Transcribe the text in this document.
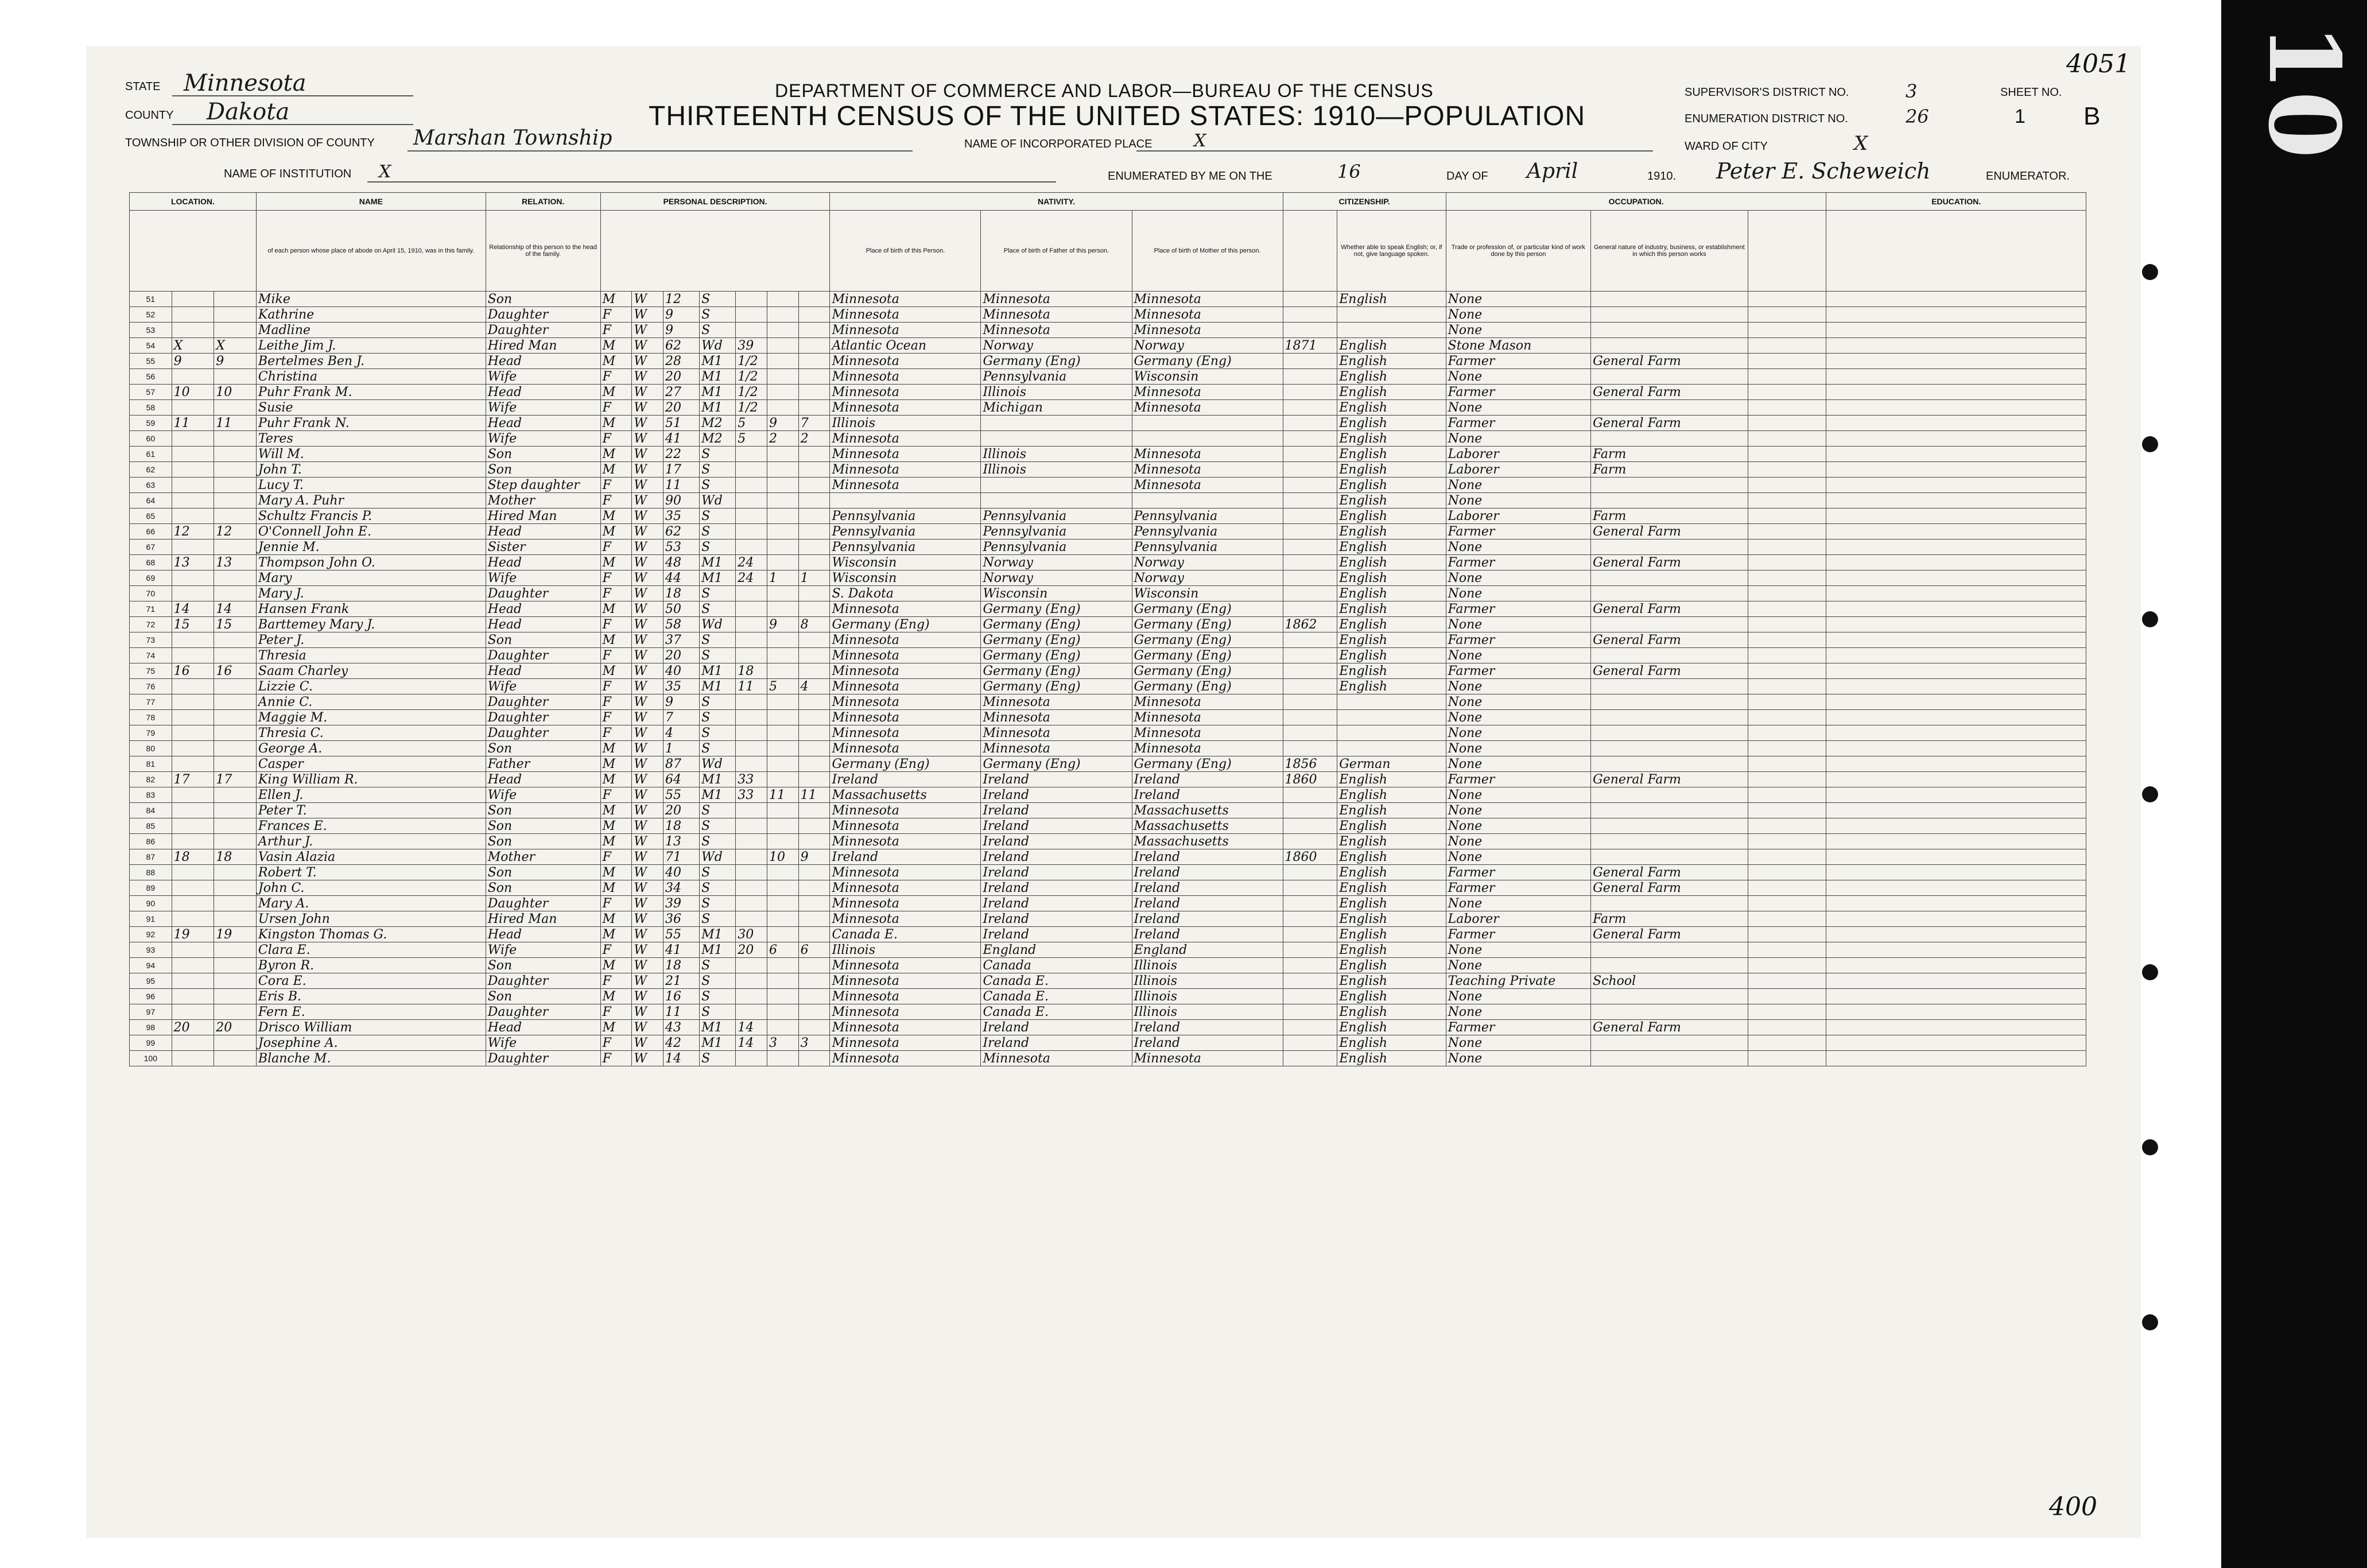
10
STATE Minnesota
COUNTY Dakota
TOWNSHIP OR OTHER DIVISION OF COUNTY Marshan Township
NAME OF INSTITUTION X
DEPARTMENT OF COMMERCE AND LABOR—BUREAU OF THE CENSUS
THIRTEENTH CENSUS OF THE UNITED STATES: 1910—POPULATION
NAME OF INCORPORATED PLACE X
ENUMERATED BY ME ON THE	16	DAY OF April	1910. Peter E. Scheweich	ENUMERATOR.
SUPERVISOR'S DISTRICT NO.	3	SHEET NO.
ENUMERATION DISTRICT NO.	26	1 B
WARD OF CITY	X
4051
400
LOCATION.			NAME	RELATION.	PERSONAL DESCRIPTION.							NATIVITY.			CITIZENSHIP.		OCCUPATION.			EDUCATION.
			of each person whose place of abode on April 15, 1910, was in this family.	Relationship of this person to the head of the family.								Place of birth of this Person.	Place of birth of Father of this person.	Place of birth of Mother of this person.		Whether able to speak English; or, if not, give language spoken.	Trade or profession of, or particular kind of work done by this person	General nature of industry, business, or establishment in which this person works		
51			Mike	Son	M	W	12	S				Minnesota	Minnesota	Minnesota		English	None			
52			Kathrine	Daughter	F	W	9	S				Minnesota	Minnesota	Minnesota			None			
53			Madline	Daughter	F	W	9	S				Minnesota	Minnesota	Minnesota			None			
54	X	X	Leithe Jim J.	Hired Man	M	W	62	Wd	39			Atlantic Ocean	Norway	Norway	1871	English	Stone Mason			
55	9	9	Bertelmes Ben J.	Head	M	W	28	M1	1/2			Minnesota	Germany (Eng)	Germany (Eng)		English	Farmer	General Farm		
56			Christina	Wife	F	W	20	M1	1/2			Minnesota	Pennsylvania	Wisconsin		English	None			
57	10	10	Puhr Frank M.	Head	M	W	27	M1	1/2			Minnesota	Illinois	Minnesota		English	Farmer	General Farm		
58			Susie	Wife	F	W	20	M1	1/2			Minnesota	Michigan	Minnesota		English	None			
59	11	11	Puhr Frank N.	Head	M	W	51	M2	5	9	7	Illinois				English	Farmer	General Farm		
60			Teres	Wife	F	W	41	M2	5	2	2	Minnesota				English	None			
61			Will M.	Son	M	W	22	S				Minnesota	Illinois	Minnesota		English	Laborer	Farm		
62			John T.	Son	M	W	17	S				Minnesota	Illinois	Minnesota		English	Laborer	Farm		
63			Lucy T.	Step daughter	F	W	11	S				Minnesota		Minnesota		English	None			
64			Mary A. Puhr	Mother	F	W	90	Wd								English	None			
65			Schultz Francis P.	Hired Man	M	W	35	S				Pennsylvania	Pennsylvania	Pennsylvania		English	Laborer	Farm		
66	12	12	O'Connell John E.	Head	M	W	62	S				Pennsylvania	Pennsylvania	Pennsylvania		English	Farmer	General Farm		
67			Jennie M.	Sister	F	W	53	S				Pennsylvania	Pennsylvania	Pennsylvania		English	None			
68	13	13	Thompson John O.	Head	M	W	48	M1	24			Wisconsin	Norway	Norway		English	Farmer	General Farm		
69			Mary	Wife	F	W	44	M1	24	1	1	Wisconsin	Norway	Norway		English	None			
70			Mary J.	Daughter	F	W	18	S				S. Dakota	Wisconsin	Wisconsin		English	None			
71	14	14	Hansen Frank	Head	M	W	50	S				Minnesota	Germany (Eng)	Germany (Eng)		English	Farmer	General Farm		
72	15	15	Barttemey Mary J.	Head	F	W	58	Wd		9	8	Germany (Eng)	Germany (Eng)	Germany (Eng)	1862	English	None			
73			Peter J.	Son	M	W	37	S				Minnesota	Germany (Eng)	Germany (Eng)		English	Farmer	General Farm		
74			Thresia	Daughter	F	W	20	S				Minnesota	Germany (Eng)	Germany (Eng)		English	None			
75	16	16	Saam Charley	Head	M	W	40	M1	18			Minnesota	Germany (Eng)	Germany (Eng)		English	Farmer	General Farm		
76			Lizzie C.	Wife	F	W	35	M1	11	5	4	Minnesota	Germany (Eng)	Germany (Eng)		English	None			
77			Annie C.	Daughter	F	W	9	S				Minnesota	Minnesota	Minnesota			None			
78			Maggie M.	Daughter	F	W	7	S				Minnesota	Minnesota	Minnesota			None			
79			Thresia C.	Daughter	F	W	4	S				Minnesota	Minnesota	Minnesota			None			
80			George A.	Son	M	W	1	S				Minnesota	Minnesota	Minnesota			None			
81			Casper	Father	M	W	87	Wd				Germany (Eng)	Germany (Eng)	Germany (Eng)	1856	German	None			
82	17	17	King William R.	Head	M	W	64	M1	33			Ireland	Ireland	Ireland	1860	English	Farmer	General Farm		
83			Ellen J.	Wife	F	W	55	M1	33	11	11	Massachusetts	Ireland	Ireland		English	None			
84			Peter T.	Son	M	W	20	S				Minnesota	Ireland	Massachusetts		English	None			
85			Frances E.	Son	M	W	18	S				Minnesota	Ireland	Massachusetts		English	None			
86			Arthur J.	Son	M	W	13	S				Minnesota	Ireland	Massachusetts		English	None			
87	18	18	Vasin Alazia	Mother	F	W	71	Wd		10	9	Ireland	Ireland	Ireland	1860	English	None			
88			Robert T.	Son	M	W	40	S				Minnesota	Ireland	Ireland		English	Farmer	General Farm		
89			John C.	Son	M	W	34	S				Minnesota	Ireland	Ireland		English	Farmer	General Farm		
90			Mary A.	Daughter	F	W	39	S				Minnesota	Ireland	Ireland		English	None			
91			Ursen John	Hired Man	M	W	36	S				Minnesota	Ireland	Ireland		English	Laborer	Farm		
92	19	19	Kingston Thomas G.	Head	M	W	55	M1	30			Canada E.	Ireland	Ireland		English	Farmer	General Farm		
93			Clara E.	Wife	F	W	41	M1	20	6	6	Illinois	England	England		English	None			
94			Byron R.	Son	M	W	18	S				Minnesota	Canada	Illinois		English	None			
95			Cora E.	Daughter	F	W	21	S				Minnesota	Canada E.	Illinois		English	Teaching Private	School		
96			Eris B.	Son	M	W	16	S				Minnesota	Canada E.	Illinois		English	None			
97			Fern E.	Daughter	F	W	11	S				Minnesota	Canada E.	Illinois		English	None			
98	20	20	Drisco William	Head	M	W	43	M1	14			Minnesota	Ireland	Ireland		English	Farmer	General Farm		
99			Josephine A.	Wife	F	W	42	M1	14	3	3	Minnesota	Ireland	Ireland		English	None			
100			Blanche M.	Daughter	F	W	14	S				Minnesota	Minnesota	Minnesota		English	None			
